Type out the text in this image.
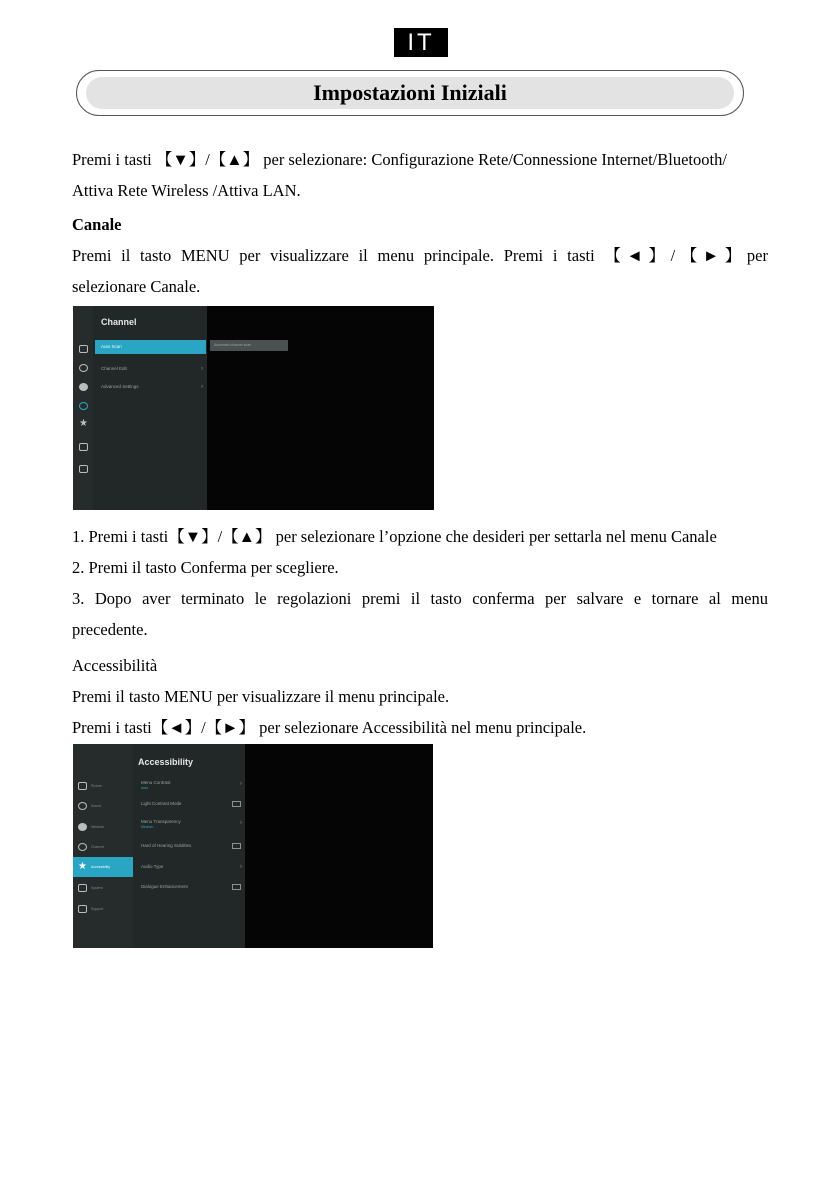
IT
Impostazioni Iniziali
Premi i tasti 【▼】/【▲】 per selezionare: Configurazione Rete/Connessione Internet/Bluetooth/
Attiva Rete Wireless /Attiva LAN.
Canale
Premi il tasto MENU per visualizzare il menu principale. Premi i tasti 【◄】/【►】per
selezionare Canale.
Channel
★
Auto Scan	›
Channel Edit	›
Advanced Settings	›
Automatic channel scan
1. Premi i tasti【▼】/【▲】 per selezionare l’opzione che desideri per settarla nel menu Canale
2. Premi il tasto Conferma per scegliere.
3. Dopo aver terminato le regolazioni premi il tasto conferma per salvare e tornare al menu
precedente.
Accessibilità
Premi il tasto MENU per visualizzare il menu principale.
Premi i tasti【◄】/【►】 per selezionare Accessibilità nel menu principale.
Accessibility
Picture
Sound
Network
Channel
★ Accessibility
System
Support
Menu Contrast
Auto
›
Light Contrast Mode
Menu Transparency
Medium
›
Hard of Hearing Subtitles
Audio Type	›
Dialogue Enhancement
